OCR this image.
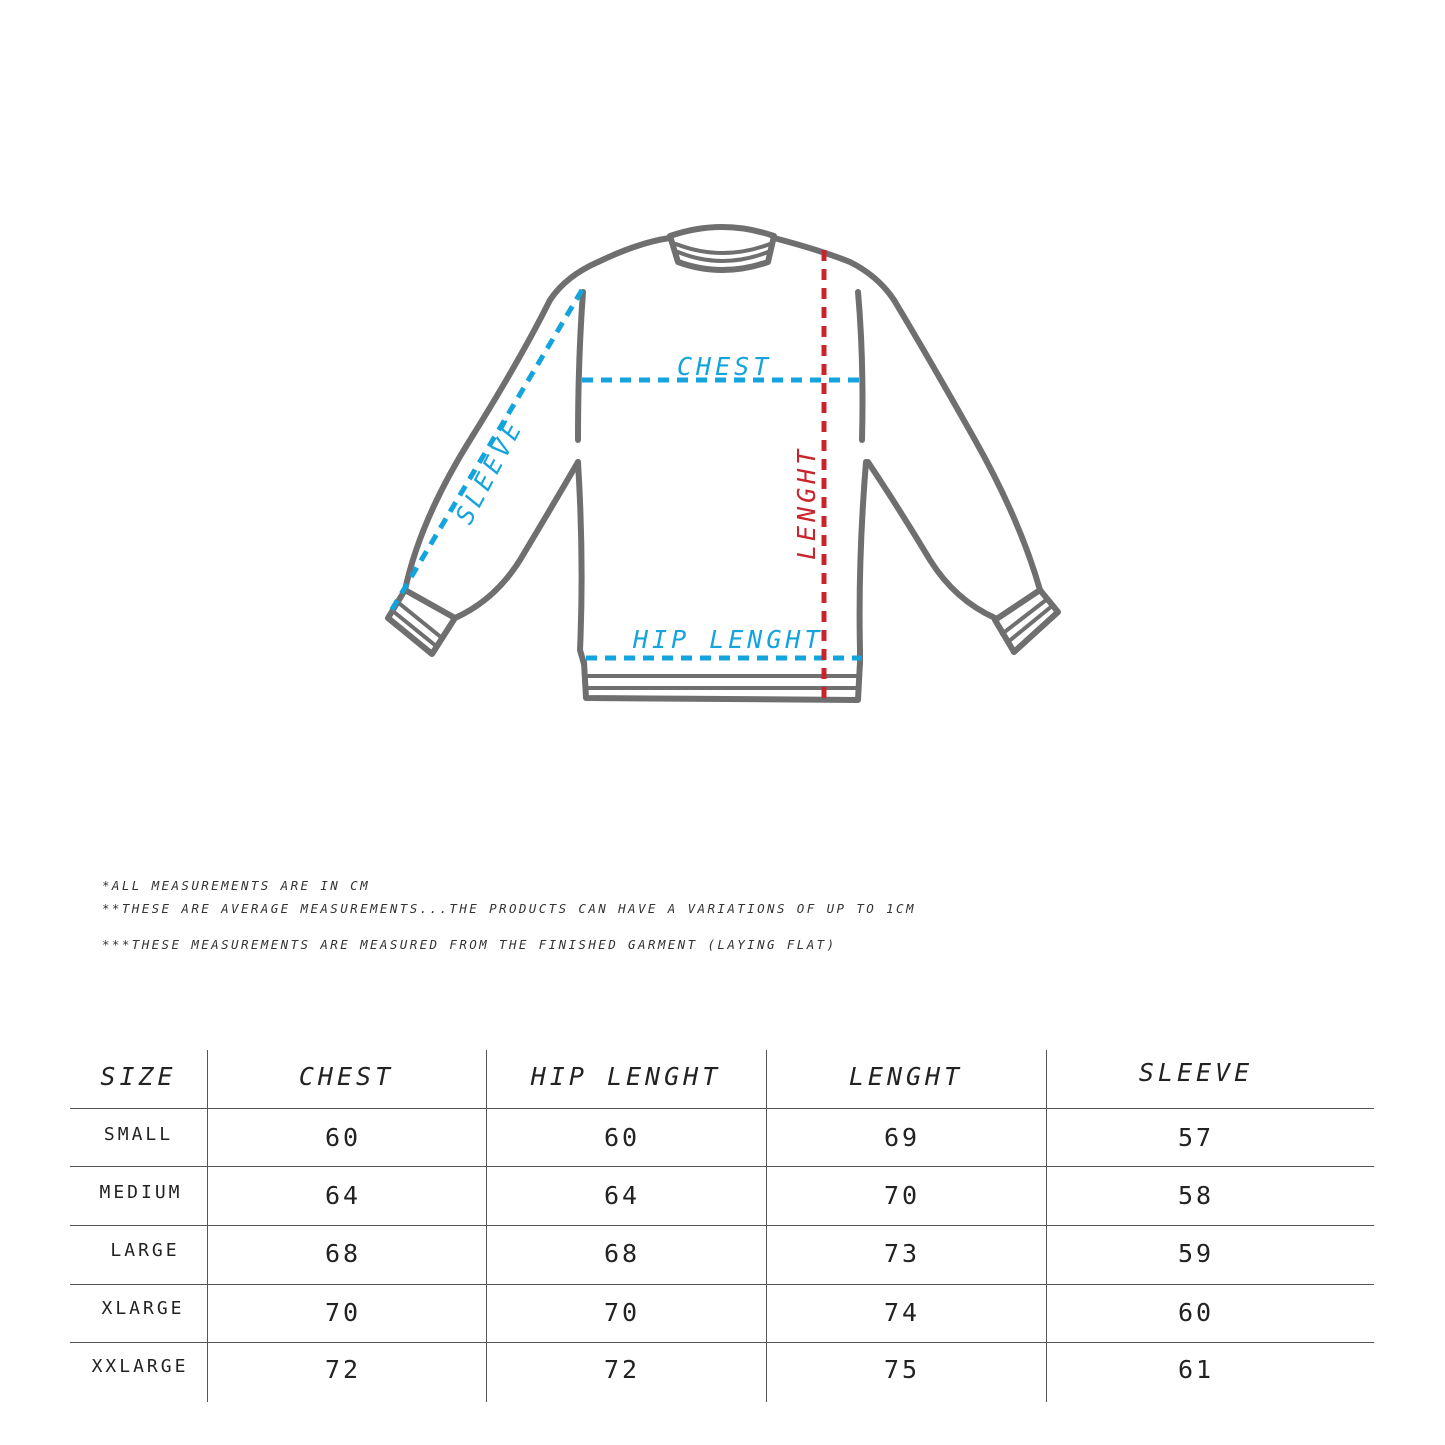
CHEST
HIP LENGHT
SLEEVE	LENGHT
*ALL MEASUREMENTS ARE IN CM
**THESE ARE AVERAGE MEASUREMENTS...THE PRODUCTS CAN HAVE A VARIATIONS OF UP TO 1CM
***THESE MEASUREMENTS ARE MEASURED FROM THE FINISHED GARMENT (LAYING FLAT)
SIZE	CHEST	HIP LENGHT	LENGHT	SLEEVE
SMALL	60	60	69	57
MEDIUM	64	64	70	58
LARGE	68	68	73	59
XLARGE	70	70	74	60
XXLARGE	72	72	75	61
